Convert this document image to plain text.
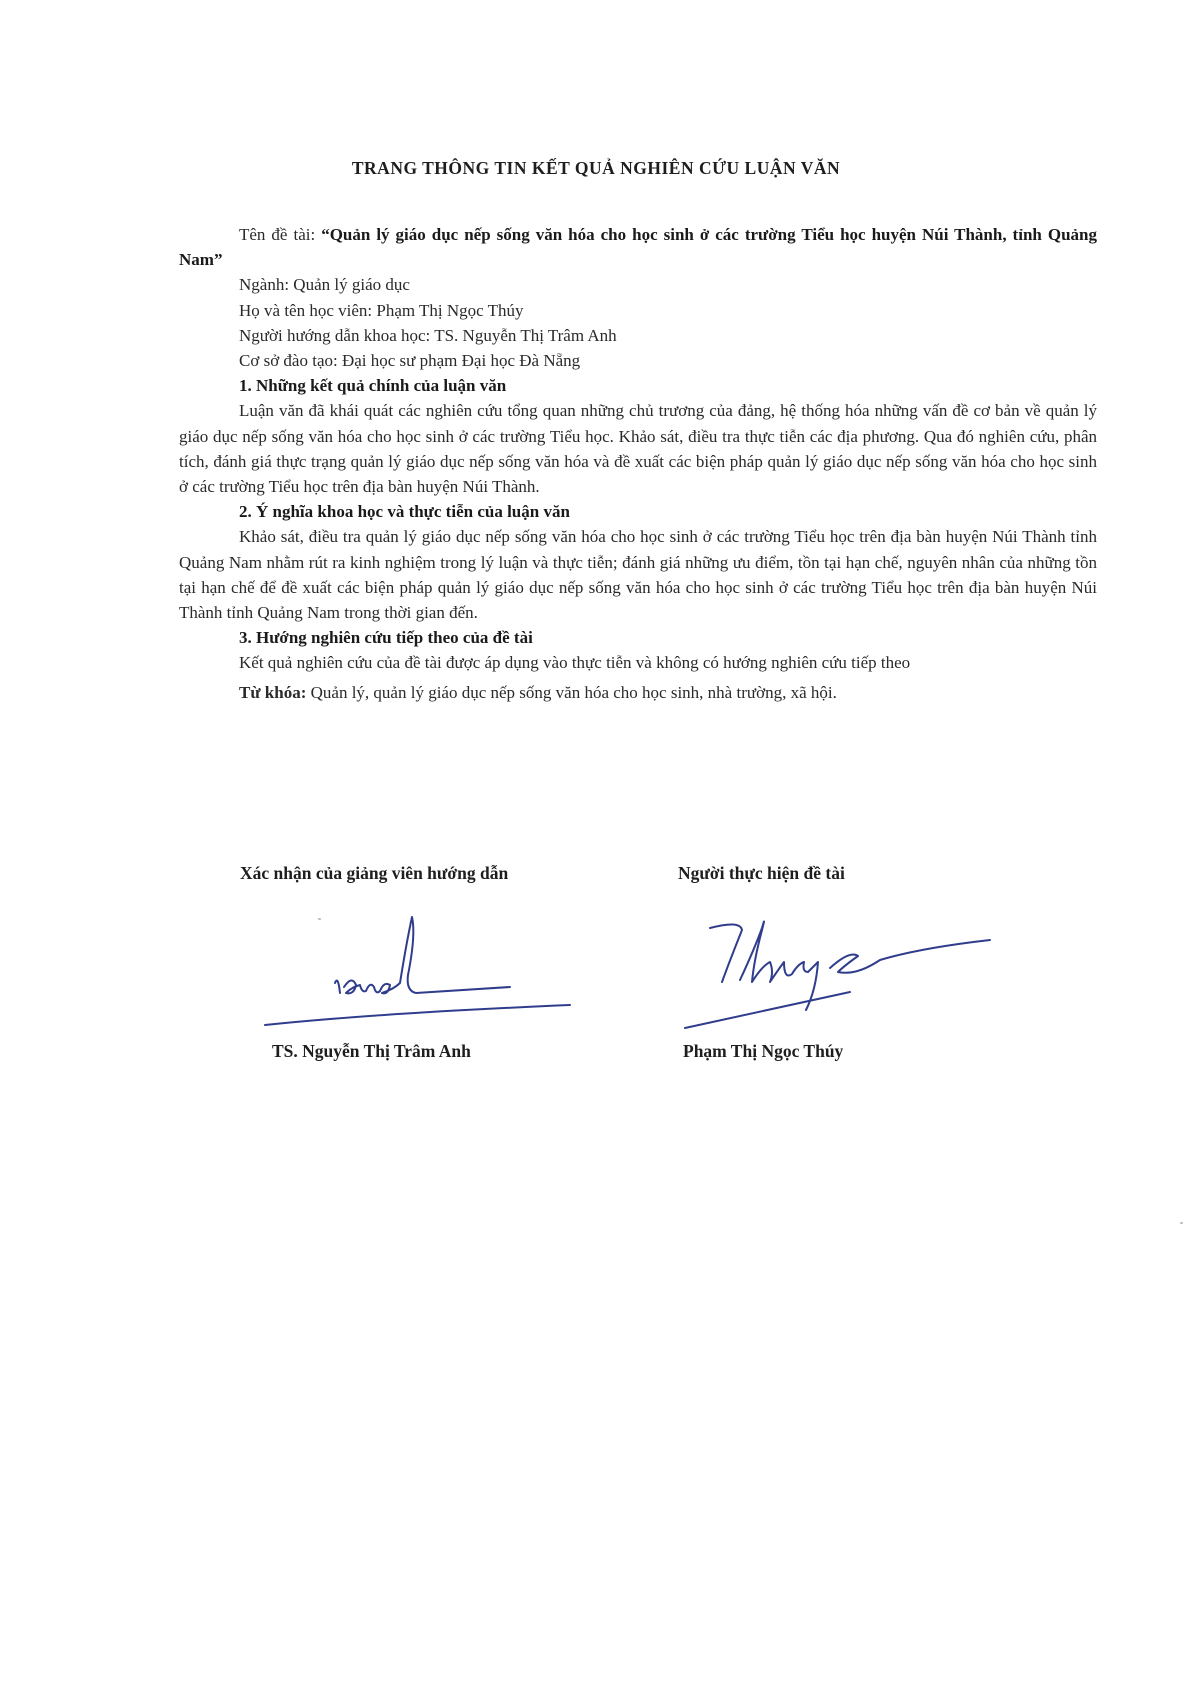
TRANG THÔNG TIN KẾT QUẢ NGHIÊN CỨU LUẬN VĂN

Tên đề tài: “Quản lý giáo dục nếp sống văn hóa cho học sinh ở các trường Tiểu học huyện Núi Thành, tỉnh Quảng Nam”

Ngành: Quản lý giáo dục

Họ và tên học viên: Phạm Thị Ngọc Thúy

Người hướng dẫn khoa học: TS. Nguyễn Thị Trâm Anh

Cơ sở đào tạo: Đại học sư phạm Đại học Đà Nẵng

1. Những kết quả chính của luận văn

Luận văn đã khái quát các nghiên cứu tổng quan những chủ trương của đảng, hệ thống hóa những vấn đề cơ bản về quản lý giáo dục nếp sống văn hóa cho học sinh ở các trường Tiểu học. Khảo sát, điều tra thực tiễn các địa phương. Qua đó nghiên cứu, phân tích, đánh giá thực trạng quản lý giáo dục nếp sống văn hóa và đề xuất các biện pháp quản lý giáo dục nếp sống văn hóa cho học sinh ở các trường Tiểu học trên địa bàn huyện Núi Thành.

2. Ý nghĩa khoa học và thực tiễn của luận văn

Khảo sát, điều tra quản lý giáo dục nếp sống văn hóa cho học sinh ở các trường Tiểu học trên địa bàn huyện Núi Thành tỉnh Quảng Nam nhằm rút ra kinh nghiệm trong lý luận và thực tiễn; đánh giá những ưu điểm, tồn tại hạn chế, nguyên nhân của những tồn tại hạn chế để đề xuất các biện pháp quản lý giáo dục nếp sống văn hóa cho học sinh ở các trường Tiểu học trên địa bàn huyện Núi Thành tỉnh Quảng Nam trong thời gian đến.

3. Hướng nghiên cứu tiếp theo của đề tài

Kết quả nghiên cứu của đề tài được áp dụng vào thực tiễn và không có hướng nghiên cứu tiếp theo

Từ khóa: Quản lý, quản lý giáo dục nếp sống văn hóa cho học sinh, nhà trường, xã hội.

Xác nhận của giảng viên hướng dẫn	Người thực hiện đề tài
TS. Nguyễn Thị Trâm Anh	Phạm Thị Ngọc Thúy
